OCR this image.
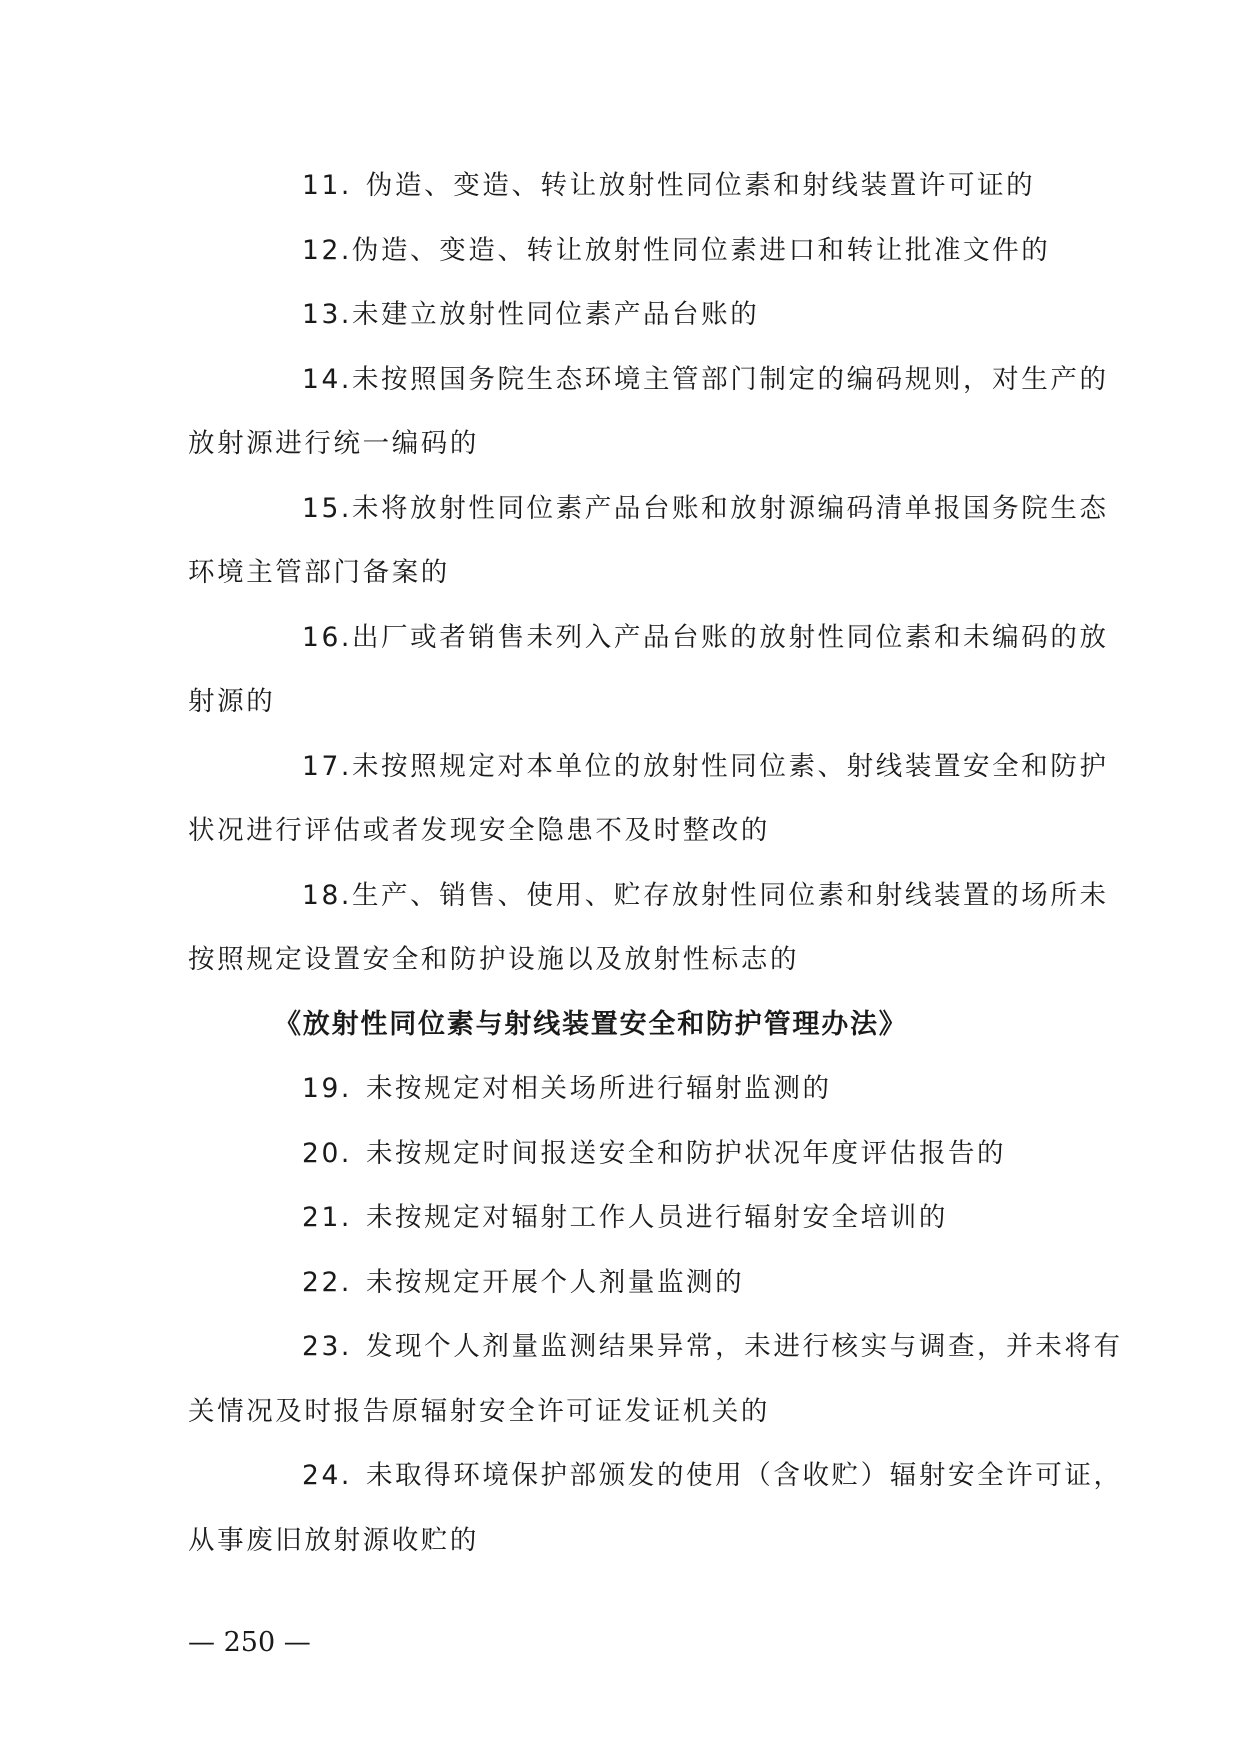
11. 伪造、变造、转让放射性同位素和射线装置许可证的

12.伪造、变造、转让放射性同位素进口和转让批准文件的

13.未建立放射性同位素产品台账的

14.未按照国务院生态环境主管部门制定的编码规则，对生产的

放射源进行统一编码的

15.未将放射性同位素产品台账和放射源编码清单报国务院生态

环境主管部门备案的

16.出厂或者销售未列入产品台账的放射性同位素和未编码的放

射源的

17.未按照规定对本单位的放射性同位素、射线装置安全和防护

状况进行评估或者发现安全隐患不及时整改的

18.生产、销售、使用、贮存放射性同位素和射线装置的场所未

按照规定设置安全和防护设施以及放射性标志的

《放射性同位素与射线装置安全和防护管理办法》

19. 未按规定对相关场所进行辐射监测的

20. 未按规定时间报送安全和防护状况年度评估报告的

21. 未按规定对辐射工作人员进行辐射安全培训的

22. 未按规定开展个人剂量监测的

23. 发现个人剂量监测结果异常，未进行核实与调查，并未将有

关情况及时报告原辐射安全许可证发证机关的

24. 未取得环境保护部颁发的使用（含收贮）辐射安全许可证，

从事废旧放射源收贮的

— 250 —
